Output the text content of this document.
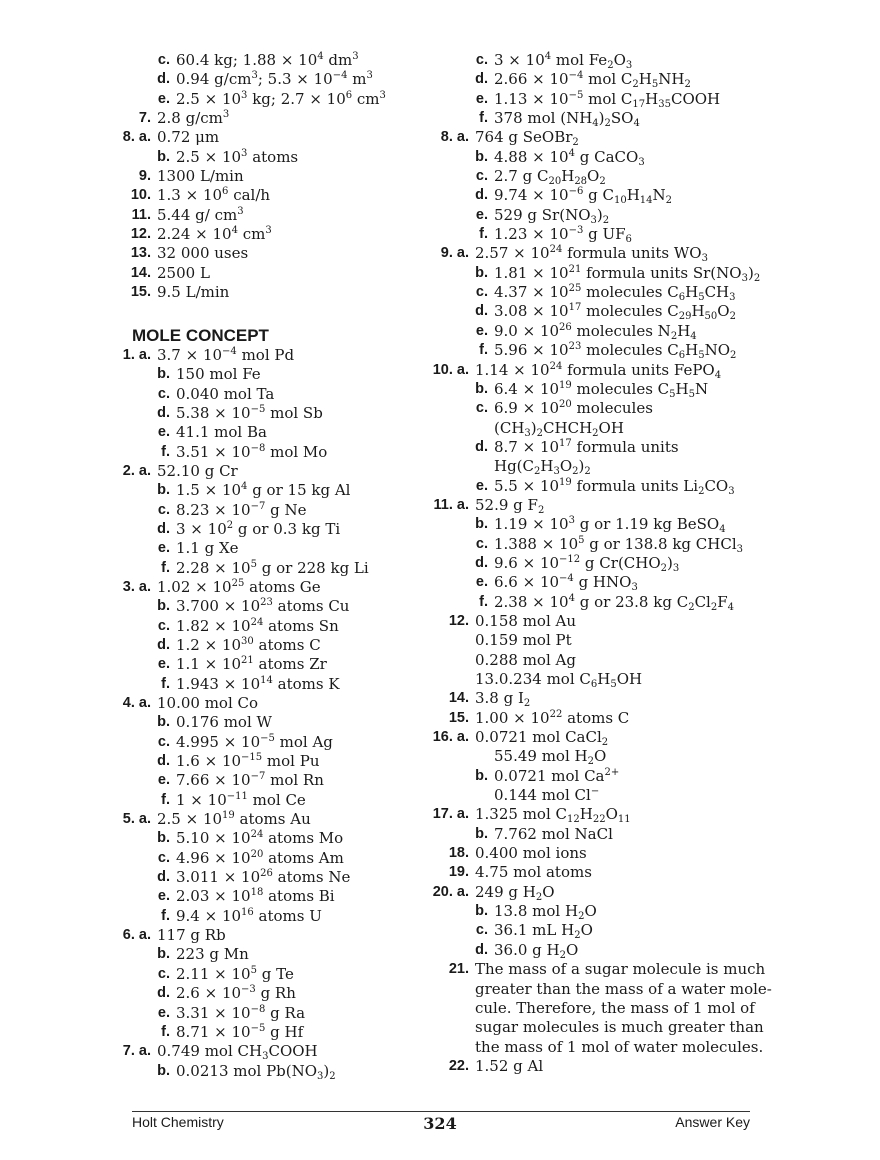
c. 60.4 kg; $1.88 \times 10^4$ $dm^3$
d. 0.94 $g/cm^3$; $5.3 \times 10^{-4}$ $m^3$
e. $2.5 \times 10^3$ kg; $2.7 \times 10^6$ $cm^3$
7. 2.8 $g/cm^3$
8. a. 0.72 μm
b. $2.5 \times 10^3$ atoms
9. 1300 L/min
10. $1.3 \times 10^6$ cal/h
11. 5.44 g/ $cm^3$
12. $2.24 \times 10^4$ $cm^3$
13. 32 000 uses
14. 2500 L
15. 9.5 L/min
MOLE CONCEPT
1. a. $3.7 \times 10^{-4}$ mol Pd
b. 150 mol Fe
c. 0.040 mol Ta
d. $5.38 \times 10^{-5}$ mol Sb
e. 41.1 mol Ba
f. $3.51 \times 10^{-8}$ mol Mo
2. a. 52.10 g Cr
b. $1.5 \times 10^4$ g or 15 kg Al
c. $8.23 \times 10^{-7}$ g Ne
d. $3 \times 10^2$ g or 0.3 kg Ti
e. 1.1 g Xe
f. $2.28 \times 10^5$ g or 228 kg Li
3. a. $1.02 \times 10^{25}$ atoms Ge
b. $3.700 \times 10^{23}$ atoms Cu
c. $1.82 \times 10^{24}$ atoms Sn
d. $1.2 \times 10^{30}$ atoms C
e. $1.1 \times 10^{21}$ atoms Zr
f. $1.943 \times 10^{14}$ atoms K
4. a. 10.00 mol Co
b. 0.176 mol W
c. $4.995 \times 10^{-5}$ mol Ag
d. $1.6 \times 10^{-15}$ mol Pu
e. $7.66 \times 10^{-7}$ mol Rn
f. $1 \times 10^{-11}$ mol Ce
5. a. $2.5 \times 10^{19}$ atoms Au
b. $5.10 \times 10^{24}$ atoms Mo
c. $4.96 \times 10^{20}$ atoms Am
d. $3.011 \times 10^{26}$ atoms Ne
e. $2.03 \times 10^{18}$ atoms Bi
f. $9.4 \times 10^{16}$ atoms U
6. a. 117 g Rb
b. 223 g Mn
c. $2.11 \times 10^5$ g Te
d. $2.6 \times 10^{-3}$ g Rh
e. $3.31 \times 10^{-8}$ g Ra
f. $8.71 \times 10^{-5}$ g Hf
7. a. 0.749 mol $CH_3COOH$
b. 0.0213 mol $Pb(NO_3)_2$
c. $3 \times 10^4$ mol $Fe_2O_3$
d. $2.66 \times 10^{-4}$ mol $C_2H_5NH_2$
e. $1.13 \times 10^{-5}$ mol $C_{17}H_{35}COOH$
f. 378 mol $(NH_4)_2SO_4$
8. a. 764 g SeOBr$_2$
b. $4.88 \times 10^4$ g CaCO$_3$
c. 2.7 g $C_{20}H_{28}O_2$
d. $9.74 \times 10^{-6}$ g $C_{10}H_{14}N_2$
e. 529 g $Sr(NO_3)_2$
f. $1.23 \times 10^{-3}$ g $UF_6$
9. a. $2.57 \times 10^{24}$ formula units $WO_3$
b. $1.81 \times 10^{21}$ formula units $Sr(NO_3)_2$
c. $4.37 \times 10^{25}$ molecules $C_6H_5CH_3$
d. $3.08 \times 10^{17}$ molecules $C_{29}H_{50}O_2$
e. $9.0 \times 10^{26}$ molecules $N_2H_4$
f. $5.96 \times 10^{23}$ molecules $C_6H_5NO_2$
10. a. $1.14 \times 10^{24}$ formula units FePO$_4$
b. $6.4 \times 10^{19}$ molecules $C_5H_5N$
c. $6.9 \times 10^{20}$ molecules
$(CH_3)_2CHCH_2OH$
d. $8.7 \times 10^{17}$ formula units
$Hg(C_2H_3O_2)_2$
e. $5.5 \times 10^{19}$ formula units $Li_2CO_3$
11. a. 52.9 g $F_2$
b. $1.19 \times 10^3$ g or 1.19 kg BeSO$_4$
c. $1.388 \times 10^5$ g or 138.8 kg CHCl$_3$
d. $9.6 \times 10^{-12}$ g $Cr(CHO_2)_3$
e. $6.6 \times 10^{-4}$ g $HNO_3$
f. $2.38 \times 10^4$ g or 23.8 kg $C_2Cl_2F_4$
12. 0.158 mol Au
0.159 mol Pt
0.288 mol Ag
13.0.234 mol $C_6H_5OH$
14. 3.8 g $I_2$
15. $1.00 \times 10^{22}$ atoms C
16. a. 0.0721 mol CaCl$_2$
55.49 mol $H_2O$
b. 0.0721 mol $Ca^{2+}$
0.144 mol Cl−
17. a. 1.325 mol $C_{12}H_{22}O_{11}$
b. 7.762 mol NaCl
18. 0.400 mol ions
19. 4.75 mol atoms
20. a. 249 g $H_2O$
b. 13.8 mol $H_2O$
c. 36.1 mL $H_2O$
d. 36.0 g $H_2O$
21. The mass of a sugar molecule is much
greater than the mass of a water mole-
cule. Therefore, the mass of 1 mol of
sugar molecules is much greater than
the mass of 1 mol of water molecules.
22. 1.52 g Al
Holt Chemistry	324	Answer Key
